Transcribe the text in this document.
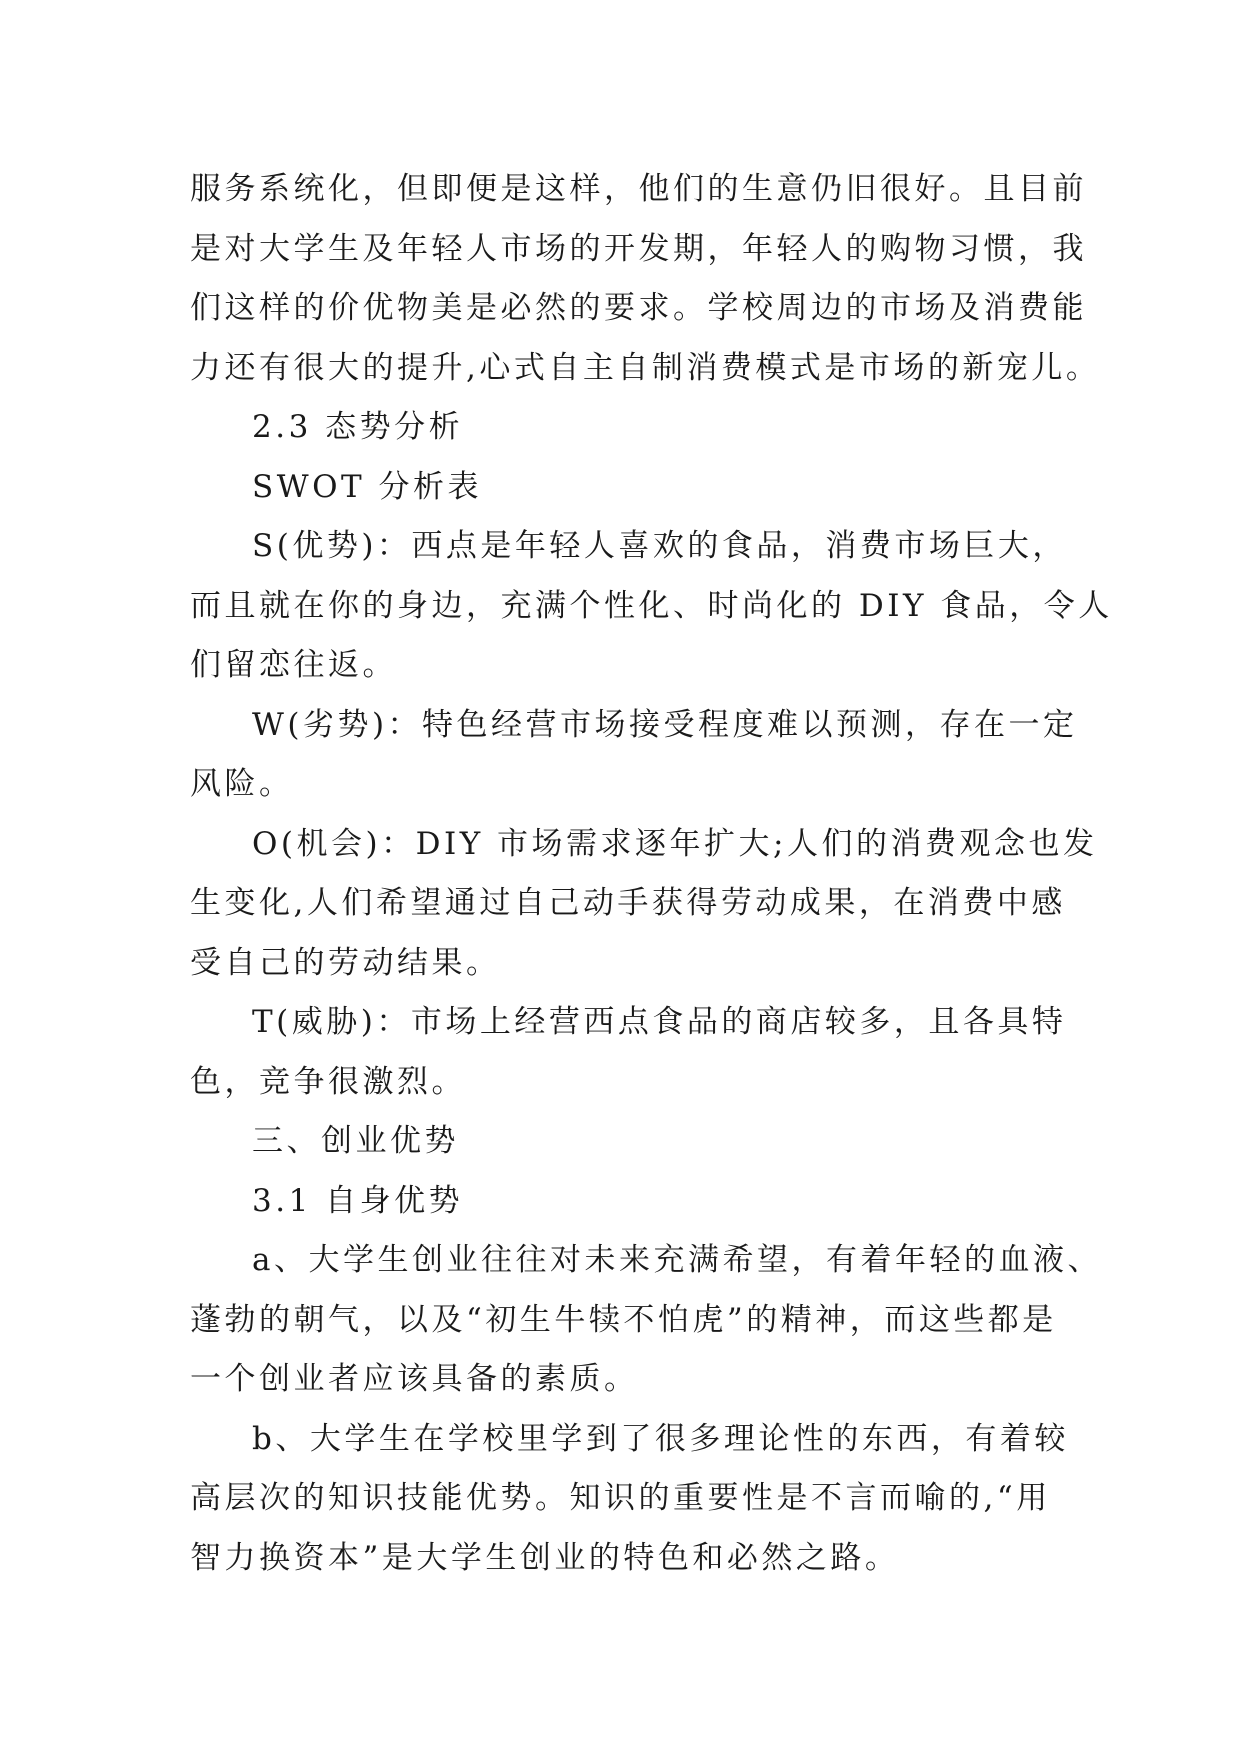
服务系统化，但即便是这样，他们的生意仍旧很好。且目前
是对大学生及年轻人市场的开发期，年轻人的购物习惯，我
们这样的价优物美是必然的要求。学校周边的市场及消费能
力还有很大的提升,心式自主自制消费模式是市场的新宠儿。
2.3 态势分析
SWOT 分析表
S(优势)：西点是年轻人喜欢的食品，消费市场巨大，
而且就在你的身边，充满个性化、时尚化的 DIY 食品，令人
们留恋往返。
W(劣势)：特色经营市场接受程度难以预测，存在一定
风险。
O(机会)：DIY 市场需求逐年扩大;人们的消费观念也发
生变化,人们希望通过自己动手获得劳动成果，在消费中感
受自己的劳动结果。
T(威胁)：市场上经营西点食品的商店较多，且各具特
色，竞争很激烈。
三、创业优势
3.1 自身优势
a、大学生创业往往对未来充满希望，有着年轻的血液、
蓬勃的朝气，以及“初生牛犊不怕虎”的精神，而这些都是
一个创业者应该具备的素质。
b、大学生在学校里学到了很多理论性的东西，有着较
高层次的知识技能优势。知识的重要性是不言而喻的,“用
智力换资本”是大学生创业的特色和必然之路。
